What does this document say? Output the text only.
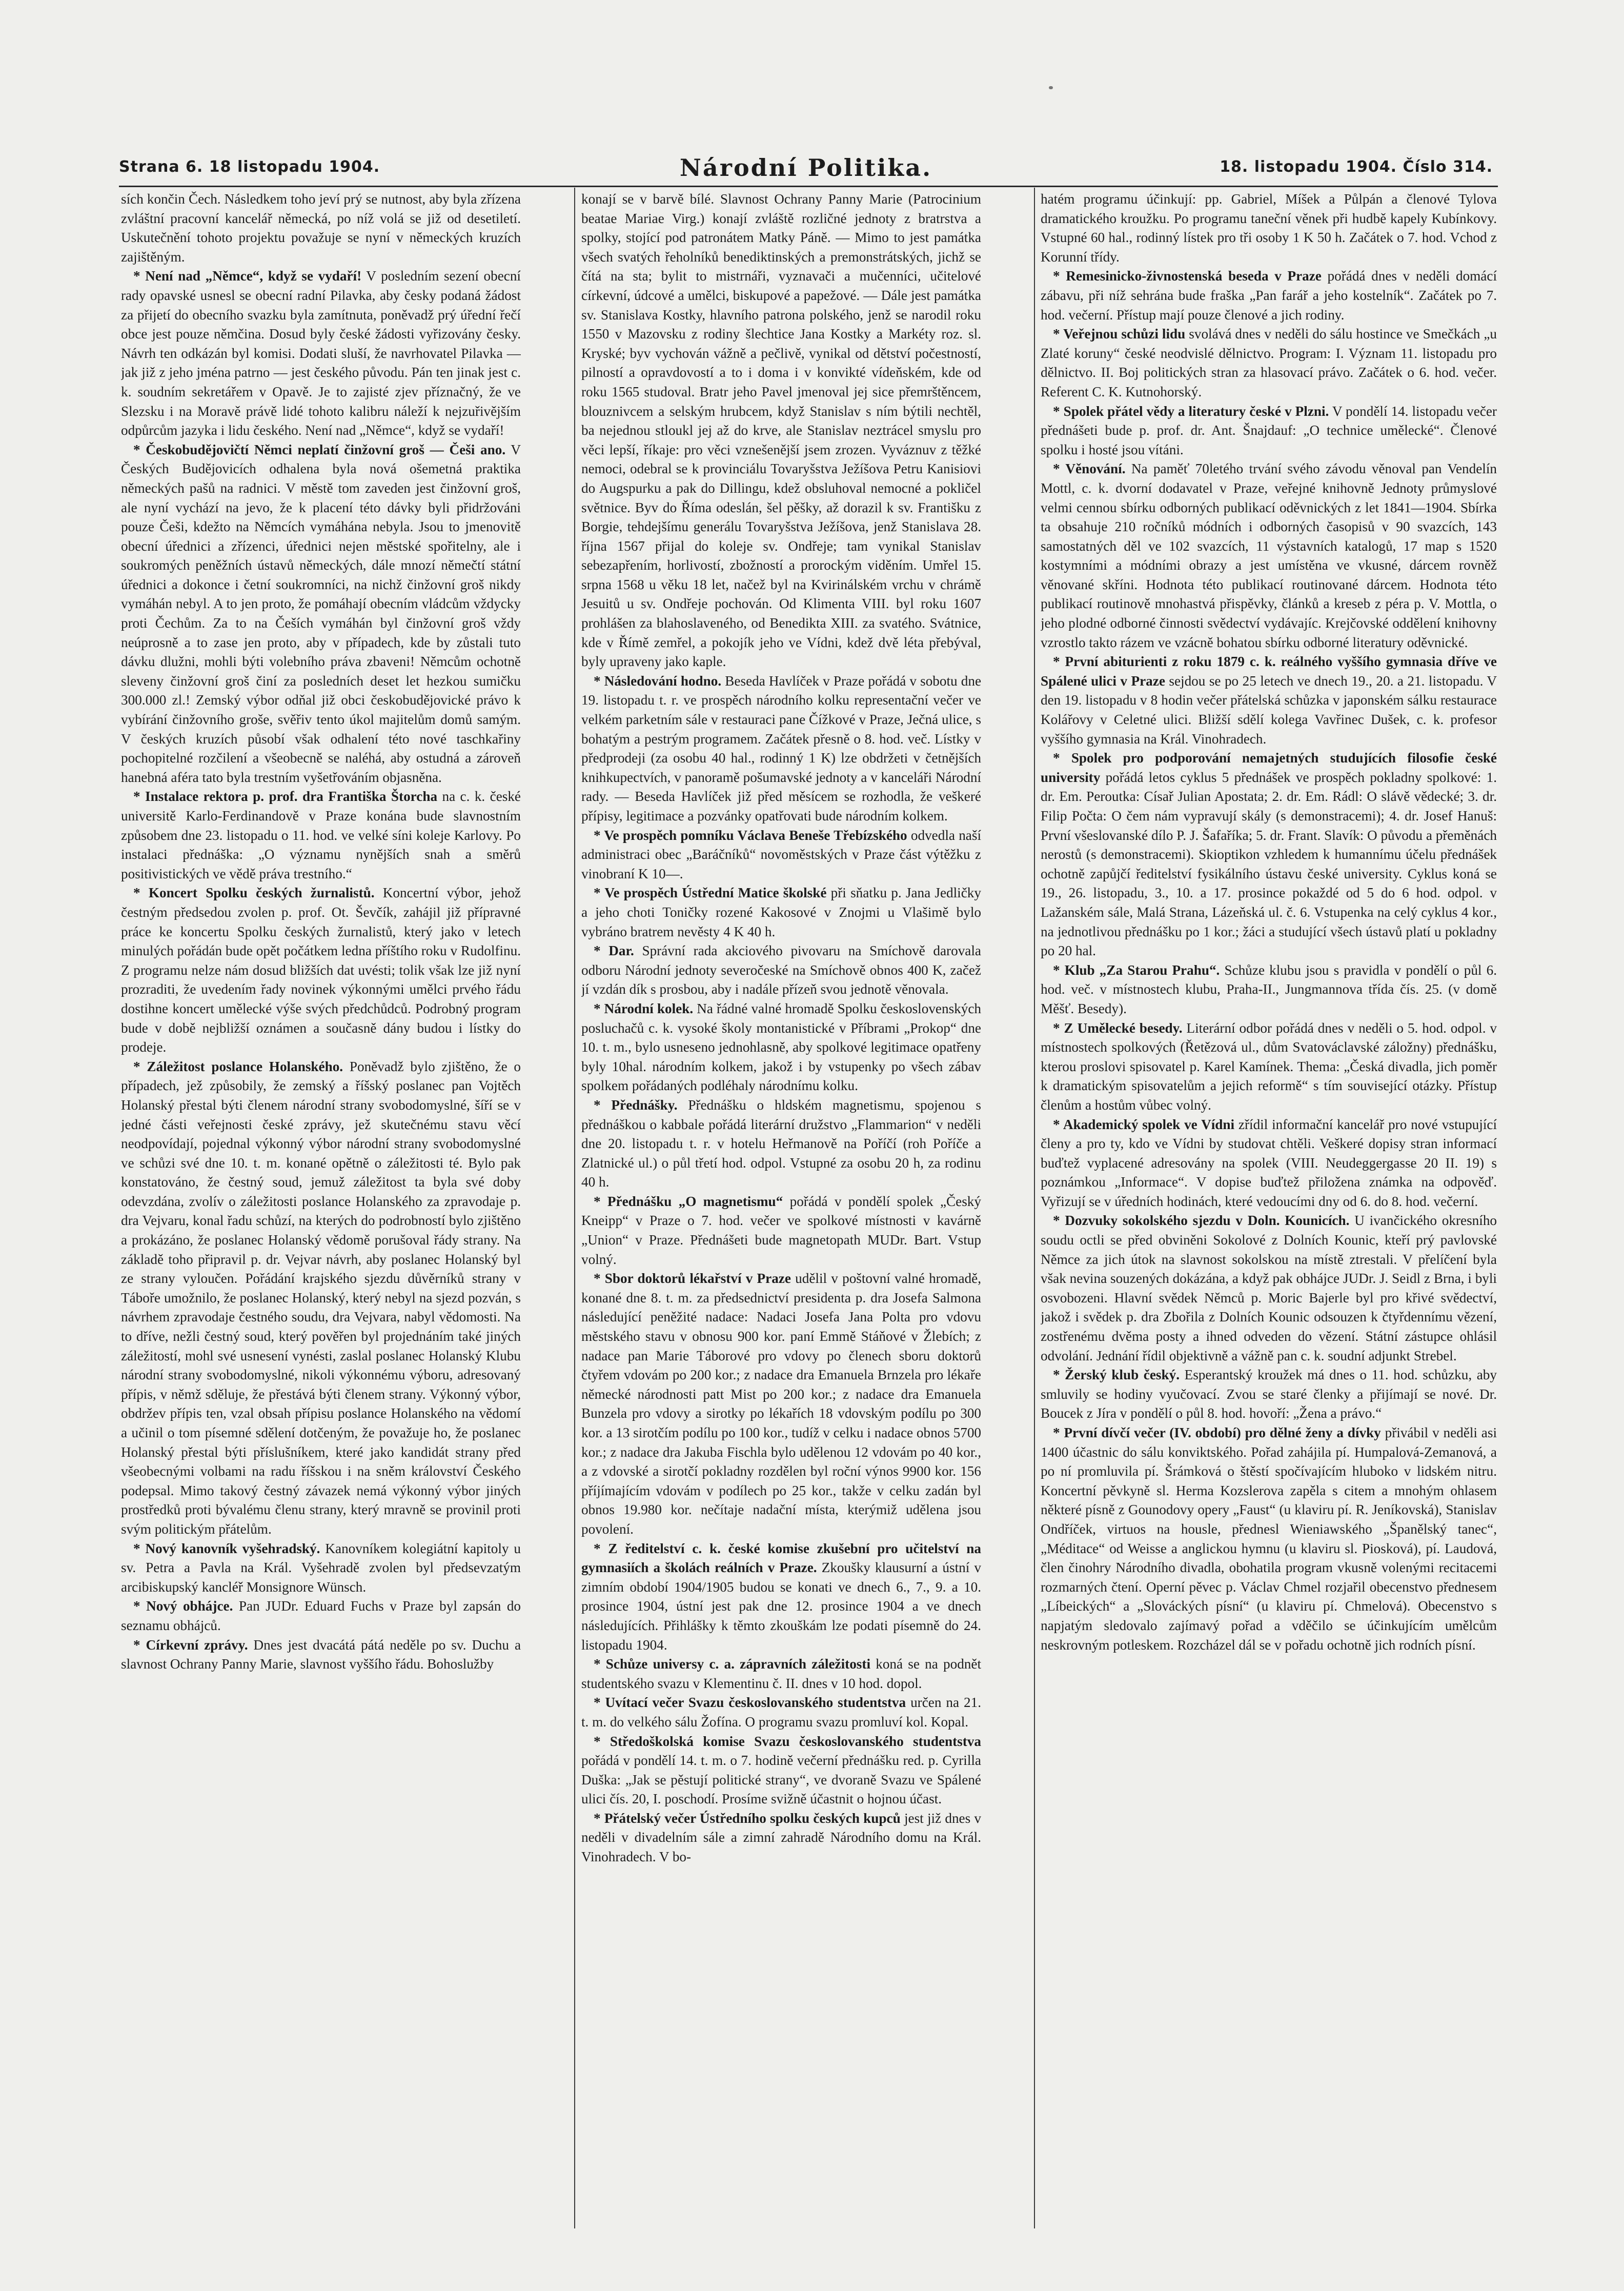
Strana 6. 18 listopadu 1904.	Národní Politika.	18. listopadu 1904. Číslo 314.

sích končin Čech. Následkem toho jeví prý se nutnost, aby byla zřízena zvláštní pracovní kancelář německá, po níž volá se již od desetiletí. Uskutečnění tohoto projektu považuje se nyní v německých kruzích zajištěným.

* Není nad „Němce“, když se vydaří! V posledním sezení obecní rady opavské usnesl se obecní radní Pilavka, aby česky podaná žádost za přijetí do obecního svazku byla zamítnuta, poněvadž prý úřední řečí obce jest pouze němčina. Dosud byly české žádosti vyřizovány česky. Návrh ten odkázán byl komisi. Dodati sluší, že navrhovatel Pilavka — jak již z jeho jména patrno — jest českého původu. Pán ten jinak jest c. k. soudním sekretářem v Opavě. Je to zajisté zjev příznačný, že ve Slezsku i na Moravě právě lidé tohoto kalibru náleží k nejzuřivějším odpůrcům jazyka i lidu českého. Není nad „Němce“, když se vydaří!

* Českobudějovičtí Němci neplatí činžovní groš — Češi ano. V Českých Budějovicích odhalena byla nová ošemetná praktika německých pašů na radnici. V městě tom zaveden jest činžovní groš, ale nyní vychází na jevo, že k placení této dávky byli přidržováni pouze Češi, kdežto na Němcích vymáhána nebyla. Jsou to jmenovitě obecní úřednici a zřízenci, úřednici nejen městské spořitelny, ale i soukromých peněžních ústavů německých, dále mnozí němečtí státní úřednici a dokonce i četní soukromníci, na nichž činžovní groš nikdy vymáhán nebyl. A to jen proto, že pomáhají obecním vládcům vždycky proti Čechům. Za to na Češích vymáhán byl činžovní groš vždy neúprosně a to zase jen proto, aby v případech, kde by zůstali tuto dávku dlužni, mohli býti volebního práva zbaveni! Němcům ochotně sleveny činžovní groš činí za posledních deset let hezkou sumičku 300.000 zl.! Zemský výbor odňal již obci českobudějovické právo k vybírání činžovního groše, svěřiv tento úkol majitelům domů samým. V českých kruzích působí však odhalení této nové taschkařiny pochopitelné rozčilení a všeobecně se naléhá, aby ostudná a zároveň hanebná aféra tato byla trestním vyšetřováním objasněna.

* Instalace rektora p. prof. dra Františka Štorcha na c. k. české universitě Karlo-Ferdinandově v Praze konána bude slavnostním způsobem dne 23. listopadu o 11. hod. ve velké síni koleje Karlovy. Po instalaci přednáška: „O významu nynějších snah a směrů positivistických ve vědě práva trestního.“

* Koncert Spolku českých žurnalistů. Koncertní výbor, jehož čestným předsedou zvolen p. prof. Ot. Ševčík, zahájil již přípravné práce ke koncertu Spolku českých žurnalistů, který jako v letech minulých pořádán bude opět počátkem ledna příštího roku v Rudolfinu. Z programu nelze nám dosud bližších dat uvésti; tolik však lze již nyní prozraditi, že uvedením řady novinek výkonnými umělci prvého řádu dostihne koncert umělecké výše svých předchůdců. Podrobný program bude v době nejbližší oznámen a současně dány budou i lístky do prodeje.

* Záležitost poslance Holanského. Poněvadž bylo zjištěno, že o případech, jež způsobily, že zemský a říšský poslanec pan Vojtěch Holanský přestal býti členem národní strany svobodomyslné, šíří se v jedné části veřejnosti české zprávy, jež skutečnému stavu věcí neodpovídají, pojednal výkonný výbor národní strany svobodomyslné ve schůzi své dne 10. t. m. konané opětně o záležitosti té. Bylo pak konstatováno, že čestný soud, jemuž záležitost ta byla své doby odevzdána, zvolív o záležitosti poslance Holanského za zpravodaje p. dra Vejvaru, konal řadu schůzí, na kterých do podrobností bylo zjištěno a prokázáno, že poslanec Holanský vědomě porušoval řády strany. Na základě toho připravil p. dr. Vejvar návrh, aby poslanec Holanský byl ze strany vyloučen. Pořádání krajského sjezdu důvěrníků strany v Táboře umožnilo, že poslanec Holanský, který nebyl na sjezd pozván, s návrhem zpravodaje čestného soudu, dra Vejvara, nabyl vědomosti. Na to dříve, nežli čestný soud, který pověřen byl projednáním také jiných záležitostí, mohl své usnesení vynésti, zaslal poslanec Holanský Klubu národní strany svobodomyslné, nikoli výkonnému výboru, adresovaný přípis, v němž sděluje, že přestává býti členem strany. Výkonný výbor, obdržev přípis ten, vzal obsah přípisu poslance Holanského na vědomí a učinil o tom písemné sdělení dotčeným, že považuje ho, že poslanec Holanský přestal býti příslušníkem, které jako kandidát strany před všeobecnými volbami na radu říšskou i na sněm království Českého podepsal. Mimo takový čestný závazek nemá výkonný výbor jiných prostředků proti bývalému členu strany, který mravně se provinil proti svým politickým přátelům.

* Nový kanovník vyšehradský. Kanovníkem kolegiátní kapitoly u sv. Petra a Pavla na Král. Vyšehradě zvolen byl předsevzatým arcibiskupský kancléř Monsignore Wünsch.

* Nový obhájce. Pan JUDr. Eduard Fuchs v Praze byl zapsán do seznamu obhájců.

* Církevní zprávy. Dnes jest dvacátá pátá neděle po sv. Duchu a slavnost Ochrany Panny Marie, slavnost vyššího řádu. Bohoslužby

konají se v barvě bílé. Slavnost Ochrany Panny Marie (Patrocinium beatae Mariae Virg.) konají zvláště rozličné jednoty z bratrstva a spolky, stojící pod patronátem Matky Páně. — Mimo to jest památka všech svatých řeholníků benediktinských a premonstrátských, jichž se čítá na sta; bylit to mistrnáři, vyznavači a mučenníci, učitelové církevní, údcové a umělci, biskupové a papežové. — Dále jest památka sv. Stanislava Kostky, hlavního patrona polského, jenž se narodil roku 1550 v Mazovsku z rodiny šlechtice Jana Kostky a Markéty roz. sl. Kryské; byv vychován vážně a pečlivě, vynikal od dětství počestností, pilností a opravdovostí a to i doma i v konvikté vídeňském, kde od roku 1565 studoval. Bratr jeho Pavel jmenoval jej sice přemrštěncem, blouznivcem a selským hrubcem, když Stanislav s ním býtili nechtěl, ba nejednou stloukl jej až do krve, ale Stanislav neztrácel smyslu pro věci lepší, říkaje: pro věci vznešenější jsem zrozen. Vyváznuv z těžké nemoci, odebral se k provinciálu Tovaryšstva Ježíšova Petru Kanisiovi do Augspurku a pak do Dillingu, kdež obsluhoval nemocné a pokličel světnice. Byv do Říma odeslán, šel pěšky, až dorazil k sv. Františku z Borgie, tehdejšímu generálu Tovaryšstva Ježíšova, jenž Stanislava 28. října 1567 přijal do koleje sv. Ondřeje; tam vynikal Stanislav sebezapřením, horlivostí, zbožností a prorockým viděním. Umřel 15. srpna 1568 u věku 18 let, načež byl na Kvirinálském vrchu v chrámě Jesuitů u sv. Ondřeje pochován. Od Klimenta VIII. byl roku 1607 prohlášen za blahoslaveného, od Benedikta XIII. za svatého. Svátnice, kde v Římě zemřel, a pokojík jeho ve Vídni, kdež dvě léta přebýval, byly upraveny jako kaple.

* Následování hodno. Beseda Havlíček v Praze pořádá v sobotu dne 19. listopadu t. r. ve prospěch národního kolku representační večer ve velkém parketním sále v restauraci pane Čížkové v Praze, Ječná ulice, s bohatým a pestrým programem. Začátek přesně o 8. hod. več. Lístky v předprodeji (za osobu 40 hal., rodinný 1 K) lze obdržeti v četnějších knihkupectvích, v panoramě pošumavské jednoty a v kanceláři Národní rady. — Beseda Havlíček již před měsícem se rozhodla, že veškeré přípisy, legitimace a pozvánky opatřovati bude národním kolkem.

* Ve prospěch pomníku Václava Beneše Třebízského odvedla naší administraci obec „Baráčníků“ novoměstských v Praze část výtěžku z vinobraní K 10—.

* Ve prospěch Ústřední Matice školské při sňatku p. Jana Jedličky a jeho choti Toničky rozené Kakosové v Znojmi u Vlašimě bylo vybráno bratrem nevěsty 4 K 40 h.

* Dar. Správní rada akciového pivovaru na Smíchově darovala odboru Národní jednoty severočeské na Smíchově obnos 400 K, začež jí vzdán dík s prosbou, aby i nadále přízeň svou jednotě věnovala.

* Národní kolek. Na řádné valné hromadě Spolku československých posluchačů c. k. vysoké školy montanistické v Příbrami „Prokop“ dne 10. t. m., bylo usneseno jednohlasně, aby spolkové legitimace opatřeny byly 10hal. národním kolkem, jakož i by vstupenky po všech zábav spolkem pořádaných podléhaly národnímu kolku.

* Přednášky. Přednášku o hldském magnetismu, spojenou s přednáškou o kabbale pořádá literární družstvo „Flammarion“ v neděli dne 20. listopadu t. r. v hotelu Heřmanově na Poříčí (roh Poříče a Zlatnické ul.) o půl třetí hod. odpol. Vstupné za osobu 20 h, za rodinu 40 h.

* Přednášku „O magnetismu“ pořádá v pondělí spolek „Český Kneipp“ v Praze o 7. hod. večer ve spolkové místnosti v kavárně „Union“ v Praze. Přednášeti bude magnetopath MUDr. Bart. Vstup volný.

* Sbor doktorů lékařství v Praze udělil v poštovní valné hromadě, konané dne 8. t. m. za předsednictví presidenta p. dra Josefa Salmona následující peněžité nadace: Nadaci Josefa Jana Polta pro vdovu městského stavu v obnosu 900 kor. paní Emmě Stáňové v Žlebích; z nadace pan Marie Táborové pro vdovy po členech sboru doktorů čtyřem vdovám po 200 kor.; z nadace dra Emanuela Brnzela pro lékaře německé národnosti patt Mist po 200 kor.; z nadace dra Emanuela Bunzela pro vdovy a sirotky po lékařích 18 vdovským podílu po 300 kor. a 13 sirotčím podílu po 100 kor., tudíž v celku i nadace obnos 5700 kor.; z nadace dra Jakuba Fischla bylo udělenou 12 vdovám po 40 kor., a z vdovské a sirotčí pokladny rozdělen byl roční výnos 9900 kor. 156 příjímajícím vdovám v podílech po 25 kor., takže v celku zadán byl obnos 19.980 kor. nečítaje nadační místa, kterýmiž udělena jsou povolení.

* Z ředitelství c. k. české komise zkušební pro učitelství na gymnasiích a školách reálních v Praze. Zkoušky klausurní a ústní v zimním období 1904/1905 budou se konati ve dnech 6., 7., 9. a 10. prosince 1904, ústní jest pak dne 12. prosince 1904 a ve dnech následujících. Přihlášky k těmto zkouškám lze podati písemně do 24. listopadu 1904.

* Schůze universy c. a. zápravních záležitosti koná se na podnět studentského svazu v Klementinu č. II. dnes v 10 hod. dopol.

* Uvítací večer Svazu českoslovanského studentstva určen na 21. t. m. do velkého sálu Žofína. O programu svazu promluví kol. Kopal.

* Středoškolská komise Svazu českoslovanského studentstva pořádá v pondělí 14. t. m. o 7. hodině večerní přednášku red. p. Cyrilla Duška: „Jak se pěstují politické strany“, ve dvoraně Svazu ve Spálené ulici čís. 20, I. poschodí. Prosíme svižně účastnit o hojnou účast.

* Přátelský večer Ústředního spolku českých kupců jest již dnes v neděli v divadelním sále a zimní zahradě Národního domu na Král. Vinohradech. V bo-

hatém programu účinkují: pp. Gabriel, Míšek a Půlpán a členové Tylova dramatického kroužku. Po programu taneční věnek při hudbě kapely Kubínkovy. Vstupné 60 hal., rodinný lístek pro tři osoby 1 K 50 h. Začátek o 7. hod. Vchod z Korunní třídy.

* Remesinicko-živnostenská beseda v Praze pořádá dnes v neděli domácí zábavu, při níž sehrána bude fraška „Pan farář a jeho kostelník“. Začátek po 7. hod. večerní. Přístup mají pouze členové a jich rodiny.

* Veřejnou schůzi lidu svolává dnes v neděli do sálu hostince ve Smečkách „u Zlaté koruny“ české neodvislé dělnictvo. Program: I. Význam 11. listopadu pro dělnictvo. II. Boj politických stran za hlasovací právo. Začátek o 6. hod. večer. Referent C. K. Kutnohorský.

* Spolek přátel vědy a literatury české v Plzni. V pondělí 14. listopadu večer přednášeti bude p. prof. dr. Ant. Šnajdauf: „O technice umělecké“. Členové spolku i hosté jsou vítáni.

* Věnování. Na paměť 70letého trvání svého závodu věnoval pan Vendelín Mottl, c. k. dvorní dodavatel v Praze, veřejné knihovně Jednoty průmyslové velmi cennou sbírku odborných publikací oděvnických z let 1841—1904. Sbírka ta obsahuje 210 ročníků módních i odborných časopisů v 90 svazcích, 143 samostatných děl ve 102 svazcích, 11 výstavních katalogů, 17 map s 1520 kostymními a módními obrazy a jest umístěna ve vkusné, dárcem rovněž věnované skříni. Hodnota této publikací routinované dárcem. Hodnota této publikací routinově mnohastvá přispěvky, článků a kreseb z péra p. V. Mottla, o jeho plodné odborné činnosti svědectví vydávajíc. Krejčovské oddělení knihovny vzrostlo takto rázem ve vzácně bohatou sbírku odborné literatury oděvnické.

* První abiturienti z roku 1879 c. k. reálného vyššího gymnasia dříve ve Spálené ulici v Praze sejdou se po 25 letech ve dnech 19., 20. a 21. listopadu. V den 19. listopadu v 8 hodin večer přátelská schůzka v japonském sálku restaurace Kolářovy v Celetné ulici. Bližší sdělí kolega Vavřinec Dušek, c. k. profesor vyššího gymnasia na Král. Vinohradech.

* Spolek pro podporování nemajetných studujících filosofie české university pořádá letos cyklus 5 přednášek ve prospěch pokladny spolkové: 1. dr. Em. Peroutka: Císař Julian Apostata; 2. dr. Em. Rádl: O slávě vědecké; 3. dr. Filip Počta: O čem nám vypravují skály (s demonstracemi); 4. dr. Josef Hanuš: První všeslovanské dílo P. J. Šafaříka; 5. dr. Frant. Slavík: O původu a přeměnách nerostů (s demonstracemi). Skioptikon vzhledem k humannímu účelu přednášek ochotně zapůjčí ředitelství fysikálního ústavu české university. Cyklus koná se 19., 26. listopadu, 3., 10. a 17. prosince pokaždé od 5 do 6 hod. odpol. v Lažanském sále, Malá Strana, Lázeňská ul. č. 6. Vstupenka na celý cyklus 4 kor., na jednotlivou přednášku po 1 kor.; žáci a studující všech ústavů platí u pokladny po 20 hal.

* Klub „Za Starou Prahu“. Schůze klubu jsou s pravidla v pondělí o půl 6. hod. več. v místnostech klubu, Praha-II., Jungmannova třída čís. 25. (v domě Měšť. Besedy).

* Z Umělecké besedy. Literární odbor pořádá dnes v neděli o 5. hod. odpol. v místnostech spolkových (Řetězová ul., dům Svatováclavské záložny) přednášku, kterou proslovi spisovatel p. Karel Kamínek. Thema: „Česká divadla, jich poměr k dramatickým spisovatelům a jejich reformě“ s tím související otázky. Přístup členům a hostům vůbec volný.

* Akademický spolek ve Vídni zřídil informační kancelář pro nové vstupující členy a pro ty, kdo ve Vídni by studovat chtěli. Veškeré dopisy stran informací buďtež vyplacené adresovány na spolek (VIII. Neudeggergasse 20 II. 19) s poznámkou „Informace“. V dopise buďtež přiložena známka na odpověď. Vyřizují se v úředních hodinách, které vedoucími dny od 6. do 8. hod. večerní.

* Dozvuky sokolského sjezdu v Doln. Kounicích. U ivančického okresního soudu octli se před obviněni Sokolové z Dolních Kounic, kteří prý pavlovské Němce za jich útok na slavnost sokolskou na místě ztrestali. V přelíčení byla však nevina souzených dokázána, a když pak obhájce JUDr. J. Seidl z Brna, i byli osvobozeni. Hlavní svědek Němců p. Moric Bajerle byl pro křivé svědectví, jakož i svědek p. dra Zbořila z Dolních Kounic odsouzen k čtyřdennímu vězení, zostřenému dvěma posty a ihned odveden do vězení. Státní zástupce ohlásil odvolání. Jednání řídil objektivně a vážně pan c. k. soudní adjunkt Strebel.

* Žerský klub český. Esperantský kroužek má dnes o 11. hod. schůzku, aby smluvily se hodiny vyučovací. Zvou se staré členky a přijímají se nové. Dr. Boucek z Jíra v pondělí o půl 8. hod. hovoří: „Žena a právo.“

* První dívčí večer (IV. období) pro dělné ženy a dívky přivábil v neděli asi 1400 účastnic do sálu konviktského. Pořad zahájila pí. Humpalová-Zemanová, a po ní promluvila pí. Šrámková o štěstí spočívajícím hluboko v lidském nitru. Koncertní pěvkyně sl. Herma Kozslerova zapěla s citem a mnohým ohlasem některé písně z Gounodovy opery „Faust“ (u klaviru pí. R. Jeníkovská), Stanislav Ondříček, virtuos na housle, přednesl Wieniawského „Španělský tanec“, „Méditace“ od Weisse a anglickou hymnu (u klaviru sl. Piosková), pí. Laudová, člen činohry Národního divadla, obohatila program vkusně volenými recitacemi rozmarných čtení. Operní pěvec p. Václav Chmel rozjařil obecenstvo přednesem „Líbeických“ a „Slováckých písní“ (u klaviru pí. Chmelová). Obecenstvo s napjatým sledovalo zajímavý pořad a vděčilo se účinkujícím umělcům neskrovným potleskem. Rozcházel dál se v pořadu ochotně jich rodních písní.
